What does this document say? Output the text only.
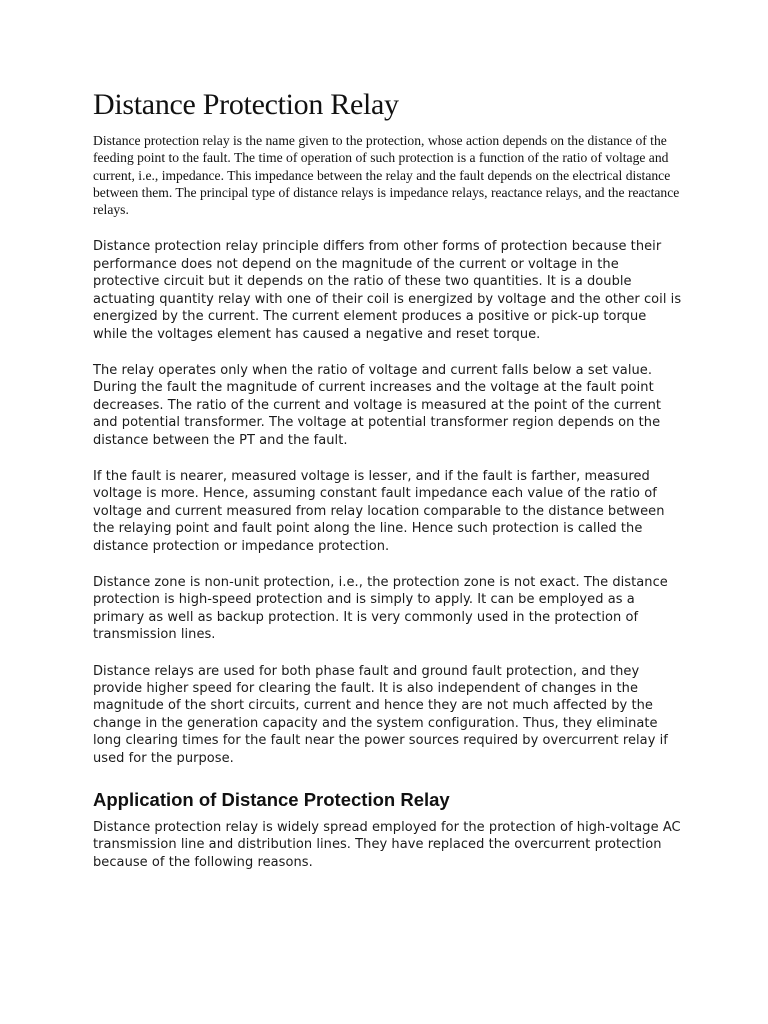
Distance Protection Relay

Distance protection relay is the name given to the protection, whose action depends on the distance of the feeding point to the fault. The time of operation of such protection is a function of the ratio of voltage and current, i.e., impedance. This impedance between the relay and the fault depends on the electrical distance between them. The principal type of distance relays is impedance relays, reactance relays, and the reactance relays.

Distance protection relay principle differs from other forms of protection because their performance does not depend on the magnitude of the current or voltage in the protective circuit but it depends on the ratio of these two quantities. It is a double actuating quantity relay with one of their coil is energized by voltage and the other coil is energized by the current. The current element produces a positive or pick-up torque while the voltages element has caused a negative and reset torque.

The relay operates only when the ratio of voltage and current falls below a set value. During the fault the magnitude of current increases and the voltage at the fault point decreases. The ratio of the current and voltage is measured at the point of the current and potential transformer. The voltage at potential transformer region depends on the distance between the PT and the fault.

If the fault is nearer, measured voltage is lesser, and if the fault is farther, measured voltage is more. Hence, assuming constant fault impedance each value of the ratio of voltage and current measured from relay location comparable to the distance between the relaying point and fault point along the line. Hence such protection is called the distance protection or impedance protection.

Distance zone is non-unit protection, i.e., the protection zone is not exact. The distance protection is high-speed protection and is simply to apply. It can be employed as a primary as well as backup protection. It is very commonly used in the protection of transmission lines.

Distance relays are used for both phase fault and ground fault protection, and they provide higher speed for clearing the fault. It is also independent of changes in the magnitude of the short circuits, current and hence they are not much affected by the change in the generation capacity and the system configuration. Thus, they eliminate long clearing times for the fault near the power sources required by overcurrent relay if used for the purpose.

Application of Distance Protection Relay

Distance protection relay is widely spread employed for the protection of high-voltage AC transmission line and distribution lines. They have replaced the overcurrent protection because of the following reasons.
